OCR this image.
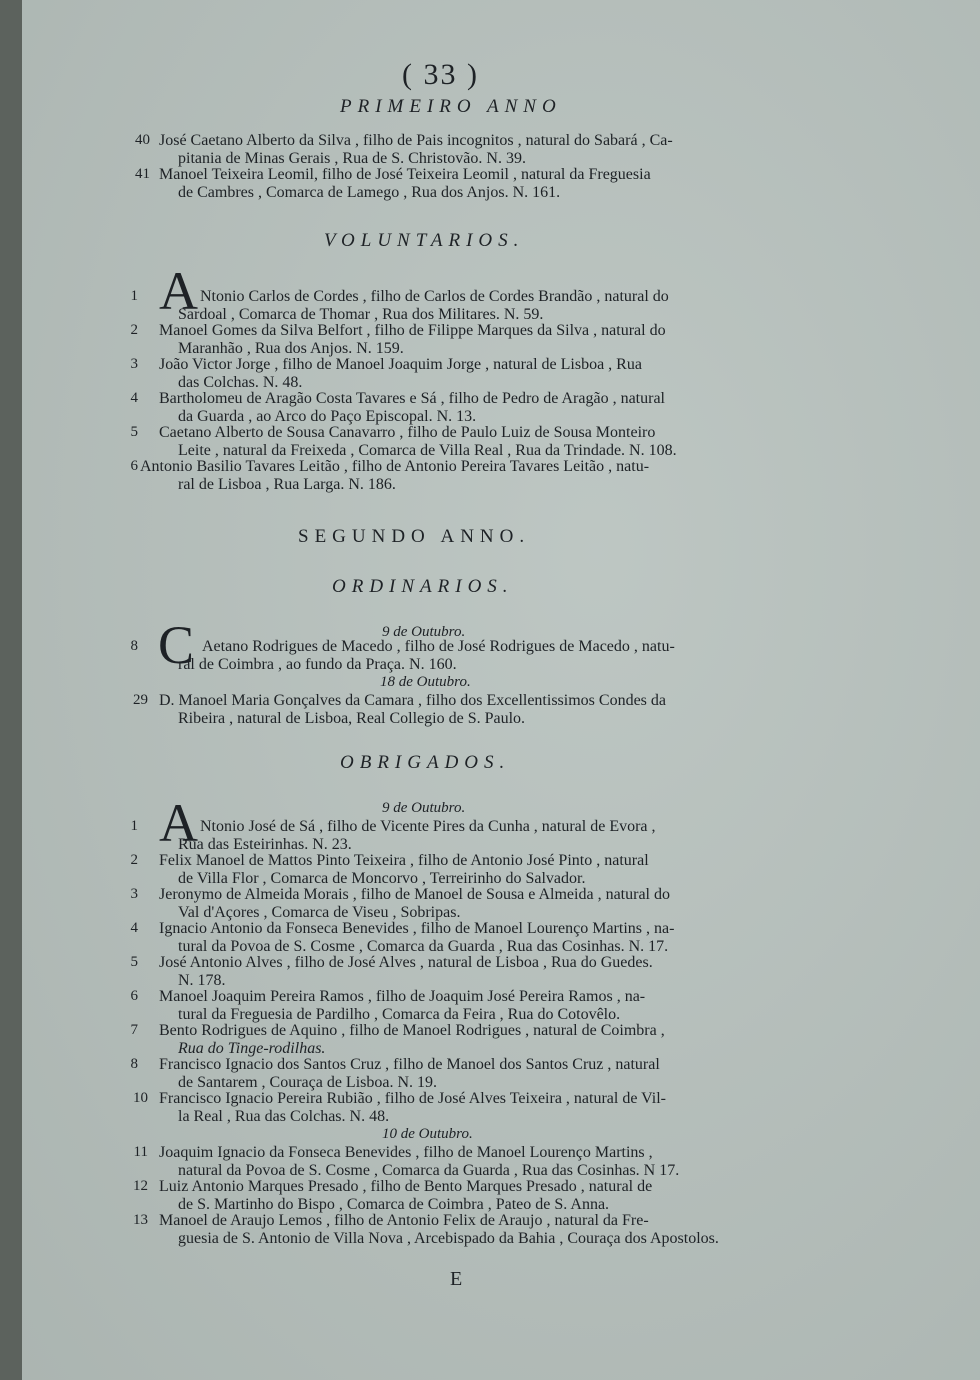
( 33 )
PRIMEIRO ANNO
40 José Caetano Alberto da Silva , filho de Pais incognitos , natural do Sabará , Ca-
pitania de Minas Gerais , Rua de S. Christovão. N. 39.
41 Manoel Teixeira Leomil, filho de José Teixeira Leomil , natural da Freguesia
de Cambres , Comarca de Lamego , Rua dos Anjos. N. 161.
VOLUNTARIOS.
A
1	Ntonio Carlos de Cordes , filho de Carlos de Cordes Brandão , natural do
Sardoal , Comarca de Thomar , Rua dos Militares. N. 59.
2 Manoel Gomes da Silva Belfort , filho de Filippe Marques da Silva , natural do
Maranhão , Rua dos Anjos. N. 159.
3 João Victor Jorge , filho de Manoel Joaquim Jorge , natural de Lisboa , Rua
das Colchas. N. 48.
4 Bartholomeu de Aragão Costa Tavares e Sá , filho de Pedro de Aragão , natural
da Guarda , ao Arco do Paço Episcopal. N. 13.
5 Caetano Alberto de Sousa Canavarro , filho de Paulo Luiz de Sousa Monteiro
Leite , natural da Freixeda , Comarca de Villa Real , Rua da Trindade. N. 108.
6 Antonio Basilio Tavares Leitão , filho de Antonio Pereira Tavares Leitão , natu-
ral de Lisboa , Rua Larga. N. 186.
SEGUNDO ANNO.
ORDINARIOS.
9 de Outubro.
C
8	Aetano Rodrigues de Macedo , filho de José Rodrigues de Macedo , natu-
ral de Coimbra , ao fundo da Praça. N. 160.
18 de Outubro.
29 D. Manoel Maria Gonçalves da Camara , filho dos Excellentissimos Condes da
Ribeira , natural de Lisboa, Real Collegio de S. Paulo.
OBRIGADOS.
9 de Outubro.
A
1	Ntonio José de Sá , filho de Vicente Pires da Cunha , natural de Evora ,
Rua das Esteirinhas. N. 23.
2 Felix Manoel de Mattos Pinto Teixeira , filho de Antonio José Pinto , natural
de Villa Flor , Comarca de Moncorvo , Terreirinho do Salvador.
3 Jeronymo de Almeida Morais , filho de Manoel de Sousa e Almeida , natural do
Val d'Açores , Comarca de Viseu , Sobripas.
4 Ignacio Antonio da Fonseca Benevides , filho de Manoel Lourenço Martins , na-
tural da Povoa de S. Cosme , Comarca da Guarda , Rua das Cosinhas. N. 17.
5 José Antonio Alves , filho de José Alves , natural de Lisboa , Rua do Guedes.
N. 178.
6 Manoel Joaquim Pereira Ramos , filho de Joaquim José Pereira Ramos , na-
tural da Freguesia de Pardilho , Comarca da Feira , Rua do Cotovêlo.
7 Bento Rodrigues de Aquino , filho de Manoel Rodrigues , natural de Coimbra ,
Rua do Tinge-rodilhas.
8 Francisco Ignacio dos Santos Cruz , filho de Manoel dos Santos Cruz , natural
de Santarem , Couraça de Lisboa. N. 19.
10 Francisco Ignacio Pereira Rubião , filho de José Alves Teixeira , natural de Vil-
la Real , Rua das Colchas. N. 48.
10 de Outubro.
11 Joaquim Ignacio da Fonseca Benevides , filho de Manoel Lourenço Martins ,
natural da Povoa de S. Cosme , Comarca da Guarda , Rua das Cosinhas. N 17.
12 Luiz Antonio Marques Presado , filho de Bento Marques Presado , natural de
de S. Martinho do Bispo , Comarca de Coimbra , Pateo de S. Anna.
13 Manoel de Araujo Lemos , filho de Antonio Felix de Araujo , natural da Fre-
guesia de S. Antonio de Villa Nova , Arcebispado da Bahia , Couraça dos Apostolos.
E
